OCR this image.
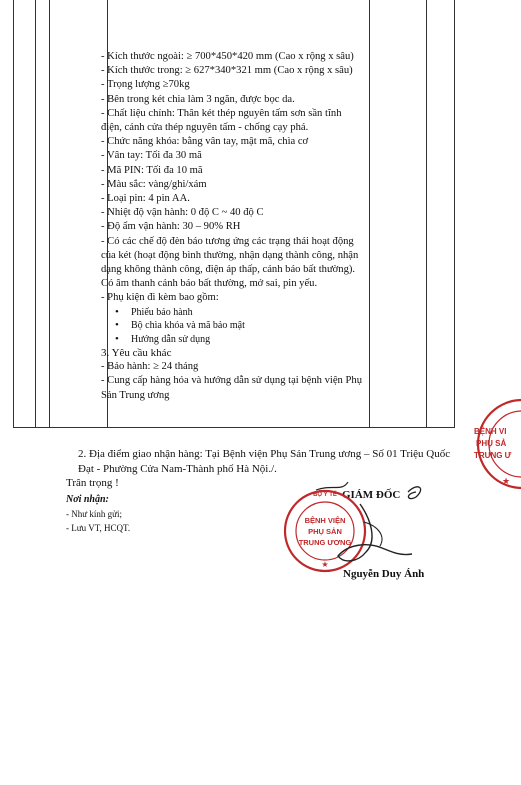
- Kích thước ngoài: ≥ 700*450*420 mm (Cao x rộng x sâu)
- Kích thước trong: ≥ 627*340*321 mm (Cao x rộng x sâu)
- Trọng lượng ≥70kg
- Bên trong két chia làm 3 ngăn, được bọc da.
- Chất liệu chính: Thân két thép nguyên tấm sơn sần tĩnh điện, cánh cửa thép nguyên tấm - chống cạy phá.
- Chức năng khóa: bằng vân tay, mật mã, chìa cơ
- Vân tay: Tối đa 30 mã
- Mã PIN: Tối đa 10 mã
- Màu sắc: vàng/ghi/xám
- Loại pin: 4 pin AA.
- Nhiệt độ vận hành: 0 độ C ~ 40 độ C
- Độ ẩm vận hành: 30 – 90% RH
- Có các chế độ đèn báo tương ứng các trạng thái hoạt động của két (hoạt động bình thường, nhận dạng thành công, nhận dạng không thành công, điện áp thấp, cảnh báo bất thường). Có âm thanh cảnh báo bất thường, mở sai, pin yếu.
- Phụ kiện đi kèm bao gồm:
• Phiếu bảo hành
• Bộ chìa khóa và mã bảo mật
• Hướng dẫn sử dụng
3. Yêu cầu khác
- Bảo hành: ≥ 24 tháng
- Cung cấp hàng hóa và hướng dẫn sử dụng tại bệnh viện Phụ Sản Trung ương
2. Địa điểm giao nhận hàng: Tại Bệnh viện Phụ Sản Trung ương – Số 01 Triệu Quốc Đạt - Phường Cửa Nam-Thành phố Hà Nội./.
Trân trọng !
Nơi nhận:
- Như kính gửi;
- Lưu VT, HCQT.
GIÁM ĐỐC
Nguyễn Duy Ánh
BỘ Y TẾ
BỆNH VIỆN
PHỤ SẢN
TRUNG ƯƠNG
★
BỆNH VI
PHỤ SẢ
TRUNG Ư
★
